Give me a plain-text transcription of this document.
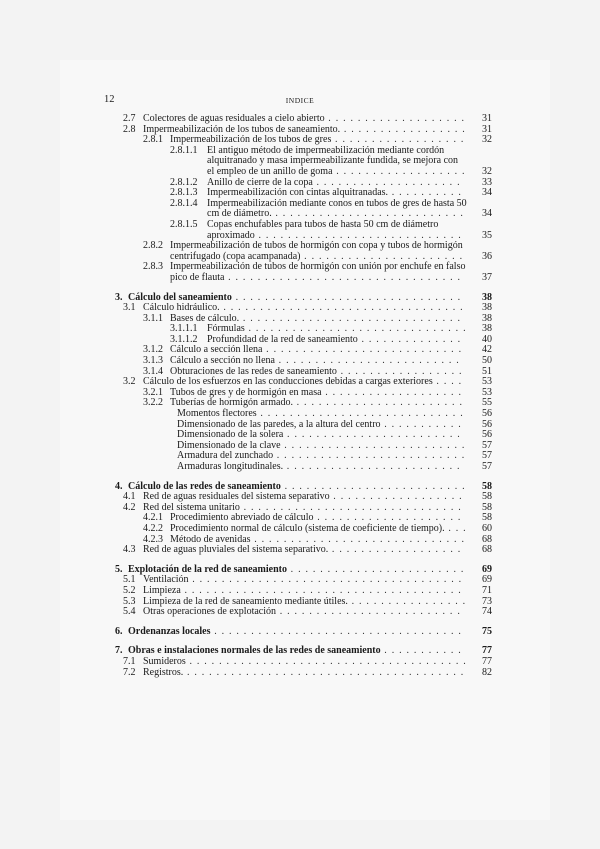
12	INDICE
2.7 Colectores de aguas residuales a cielo abierto . . . . . . . . . . . . . . . . . . . 31
2.8 Impermeabilización de los tubos de saneamiento. . . . . . . . . . . . . . . . . . 31
2.8.1 Impermeabilización de los tubos de gres . . . . . . . . . . . . . . . . . . 32
2.8.1.1 El antiguo método de impermeabilización mediante cordón alquitranado y masa impermeabilizante fundida, se mejora con el empleo de un anillo de goma . . . . . . . . . . . . . . . . . . 32
2.8.1.2 Anillo de cierre de la copa . . . . . . . . . . . . . . . . . . . .	33
2.8.1.3 Impermeabilización con cintas alquitranadas. . . . . . . . . . .	34
2.8.1.4 Impermeabilización mediante conos en tubos de gres de hasta 50 cm de diámetro. . . . . . . . . . . . . . . . . . . . . . . . . . . 34
2.8.1.5 Copas enchufables para tubos de hasta 50 cm de diámetro aproximado . . . . . . . . . . . . . . . . . . . . . . . . . . . .	35
2.8.2 Impermeabilización de tubos de hormigón con copa y tubos de hormigón centrifugado (copa acampanada) . . . . . . . . . . . . . . . . . . . . . .	36
2.8.3 Impermeabilización de tubos de hormigón con unión por enchufe en falso pico de flauta . . . . . . . . . . . . . . . . . . . . . . . . . . . . . . . .	37
3. Cálculo del saneamiento . . . . . . . . . . . . . . . . . . . . . . . . . . . . . . .	38
3.1 Cálculo hidráulico. . . . . . . . . . . . . . . . . . . . . . . . . . . . . . . . . .	38
3.1.1 Bases de cálculo. . . . . . . . . . . . . . . . . . . . . . . . . . . . . . .	38
3.1.1.1 Fórmulas . . . . . . . . . . . . . . . . . . . . . . . . . . . . . . 38
3.1.1.2 Profundidad de la red de saneamiento . . . . . . . . . . . . . .	40
3.1.2 Cálculo a sección llena . . . . . . . . . . . . . . . . . . . . . . . . . . .	42
3.1.3 Cálculo a sección no llena . . . . . . . . . . . . . . . . . . . . . . . . .	50
3.1.4 Obturaciones de las redes de saneamiento . . . . . . . . . . . . . . . . .	51
3.2 Cálculo de los esfuerzos en las conducciones debidas a cargas exteriores . . . .	53
3.2.1 Tubos de gres y de hormigón en masa . . . . . . . . . . . . . . . . . . .	53
3.2.2 Tuberías de hormigón armado. . . . . . . . . . . . . . . . . . . . . . . .	55
Momentos flectores . . . . . . . . . . . . . . . . . . . . . . . . . . . .	56
Dimensionado de las paredes, a la altura del centro . . . . . . . . . . .	56
Dimensionado de la solera . . . . . . . . . . . . . . . . . . . . . . . .	56
Dimensionado de la clave . . . . . . . . . . . . . . . . . . . . . . . . . 57
Armadura del zunchado . . . . . . . . . . . . . . . . . . . . . . . . . . 57
Armaduras longitudinales. . . . . . . . . . . . . . . . . . . . . . . . .	57
4. Cálculo de las redes de saneamiento . . . . . . . . . . . . . . . . . . . . . . . . . 58
4.1 Red de aguas residuales del sistema separativo . . . . . . . . . . . . . . . . . .	58
4.2 Red del sistema unitario . . . . . . . . . . . . . . . . . . . . . . . . . . . . . .	58
4.2.1 Procedimiento abreviado de cálculo . . . . . . . . . . . . . . . . . . . .	58
4.2.2 Procedimiento normal de cálculo (sistema de coeficiente de tiempo). . . . 60
4.2.3 Método de avenidas . . . . . . . . . . . . . . . . . . . . . . . . . . . . . 68
4.3 Red de aguas pluviales del sistema separativo. . . . . . . . . . . . . . . . . . .	68
5. Explotación de la red de saneamiento . . . . . . . . . . . . . . . . . . . . . . . . 69
5.1 Ventilación . . . . . . . . . . . . . . . . . . . . . . . . . . . . . . . . . . . . .	69
5.2 Limpieza . . . . . . . . . . . . . . . . . . . . . . . . . . . . . . . . . . . . . .	71
5.3 Limpieza de la red de saneamiento mediante útiles. . . . . . . . . . . . . . . . . 73
5.4 Otras operaciones de explotación . . . . . . . . . . . . . . . . . . . . . . . . .	74
6. Ordenanzas locales . . . . . . . . . . . . . . . . . . . . . . . . . . . . . . . . . .	75
7. Obras e instalaciones normales de las redes de saneamiento . . . . . . . . . . .	77
7.1 Sumideros . . . . . . . . . . . . . . . . . . . . . . . . . . . . . . . . . . . . . . 77
7.2 Registros. . . . . . . . . . . . . . . . . . . . . . . . . . . . . . . . . . . . . . . 82
